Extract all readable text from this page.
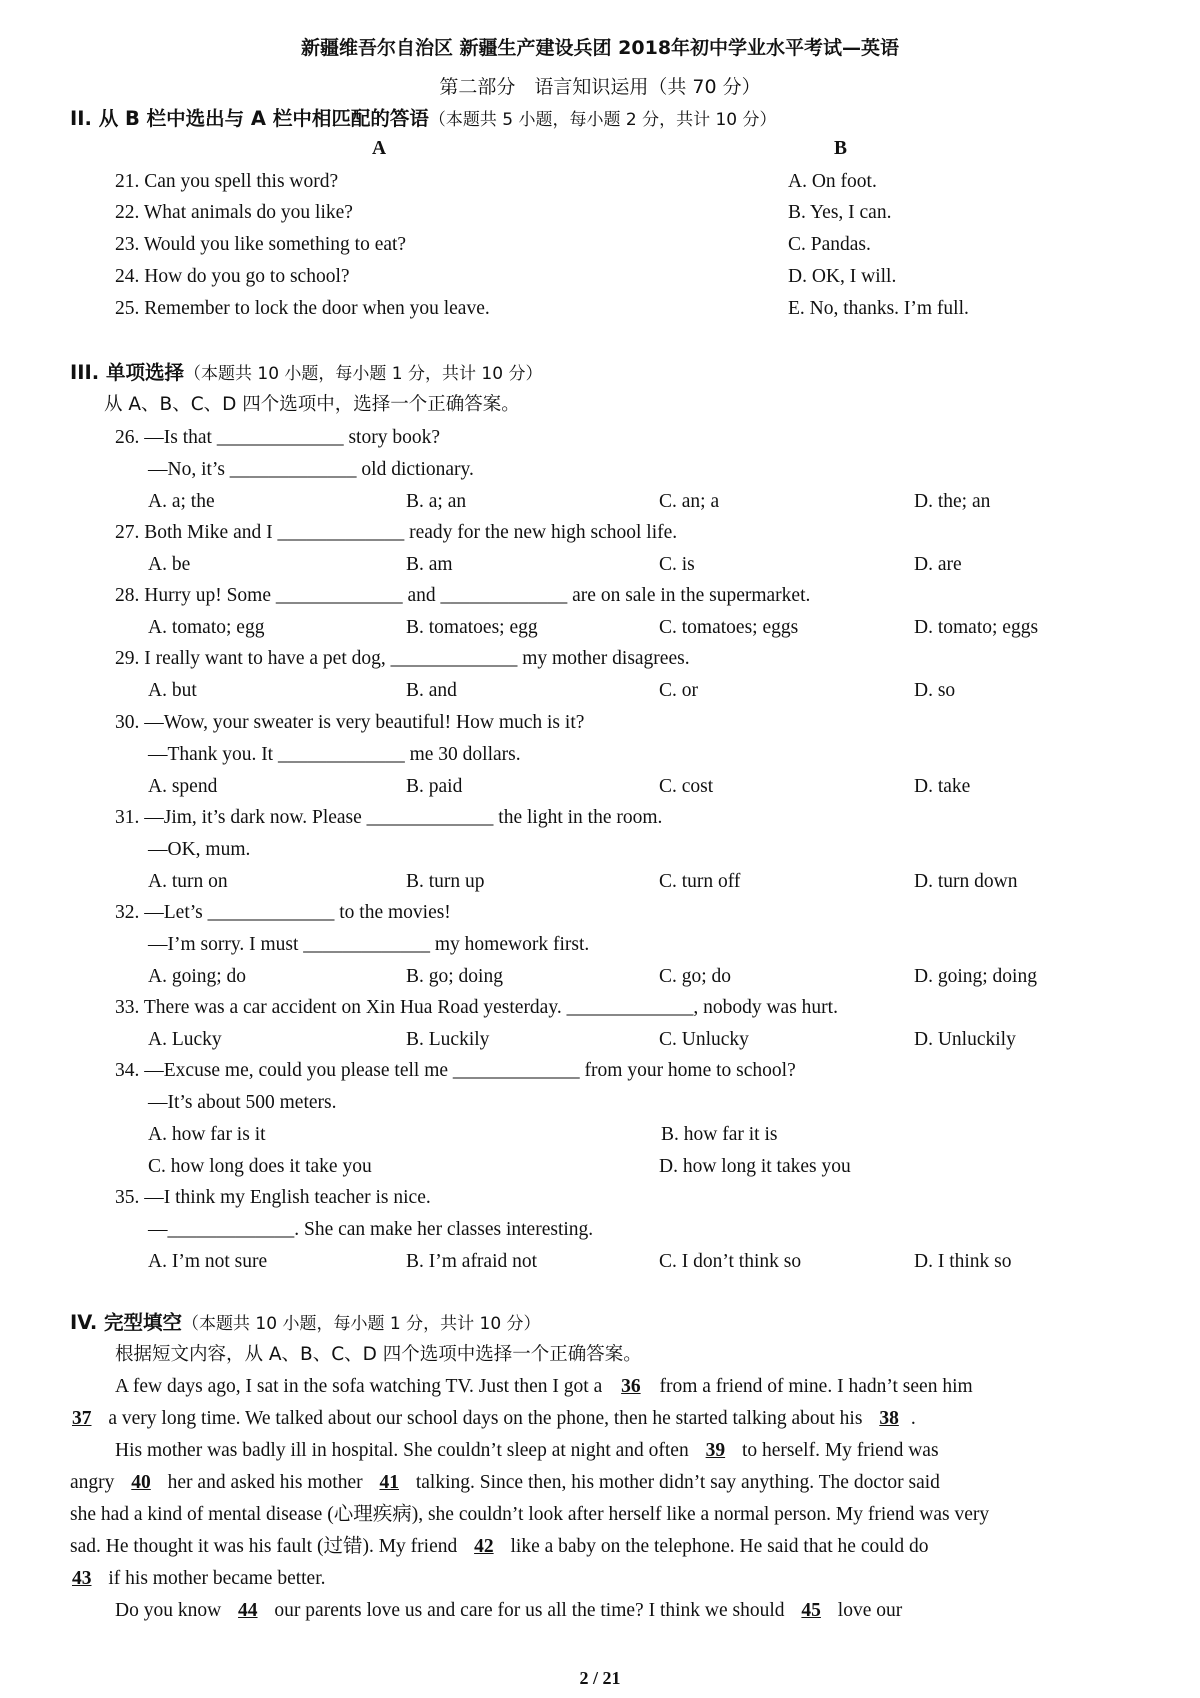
新疆维吾尔自治区 新疆生产建设兵团 2018年初中学业水平考试—英语
第二部分　语言知识运用（共 70 分）
II. 从 B 栏中选出与 A 栏中相匹配的答语（本题共 5 小题，每小题 2 分，共计 10 分）
A	B
21. Can you spell this word?	A. On foot.
22. What animals do you like?	B. Yes, I can.
23. Would you like something to eat?	C. Pandas.
24. How do you go to school?	D. OK, I will.
25. Remember to lock the door when you leave.	E. No, thanks. I’m full.
III. 单项选择（本题共 10 小题，每小题 1 分，共计 10 分）
从 A、B、C、D 四个选项中，选择一个正确答案。
26. —Is that _____________ story book?
—No, it’s _____________ old dictionary.
A. a; the	B. a; an	C. an; a	D. the; an
27. Both Mike and I _____________ ready for the new high school life.
A. be	B. am	C. is	D. are
28. Hurry up! Some _____________ and _____________ are on sale in the supermarket.
A. tomato; egg	B. tomatoes; egg	C. tomatoes; eggs	D. tomato; eggs
29. I really want to have a pet dog, _____________ my mother disagrees.
A. but	B. and	C. or	D. so
30. —Wow, your sweater is very beautiful! How much is it?
—Thank you. It _____________ me 30 dollars.
A. spend	B. paid	C. cost	D. take
31. —Jim, it’s dark now. Please _____________ the light in the room.
—OK, mum.
A. turn on	B. turn up	C. turn off	D. turn down
32. —Let’s _____________ to the movies!
—I’m sorry. I must _____________ my homework first.
A. going; do	B. go; doing	C. go; do	D. going; doing
33. There was a car accident on Xin Hua Road yesterday. _____________, nobody was hurt.
A. Lucky	B. Luckily	C. Unlucky	D. Unluckily
34. —Excuse me, could you please tell me _____________ from your home to school?
—It’s about 500 meters.
A. how far is it	B. how far it is
C. how long does it take you	D. how long it takes you
35. —I think my English teacher is nice.
—_____________. She can make her classes interesting.
A. I’m not sure	B. I’m afraid not	C. I don’t think so	D. I think so
IV. 完型填空（本题共 10 小题，每小题 1 分，共计 10 分）
根据短文内容，从 A、B、C、D 四个选项中选择一个正确答案。
A few days ago, I sat in the sofa watching TV. Just then I got a 36 from a friend of mine. I hadn’t seen him
37 a very long time. We talked about our school days on the phone, then he started talking about his 38 .
His mother was badly ill in hospital. She couldn’t sleep at night and often 39 to herself. My friend was
angry 40 her and asked his mother 41 talking. Since then, his mother didn’t say anything. The doctor said
she had a kind of mental disease (心理疾病), she couldn’t look after herself like a normal person. My friend was very
sad. He thought it was his fault (过错). My friend 42 like a baby on the telephone. He said that he could do
43 if his mother became better.
Do you know 44 our parents love us and care for us all the time? I think we should 45 love our
2 / 21
